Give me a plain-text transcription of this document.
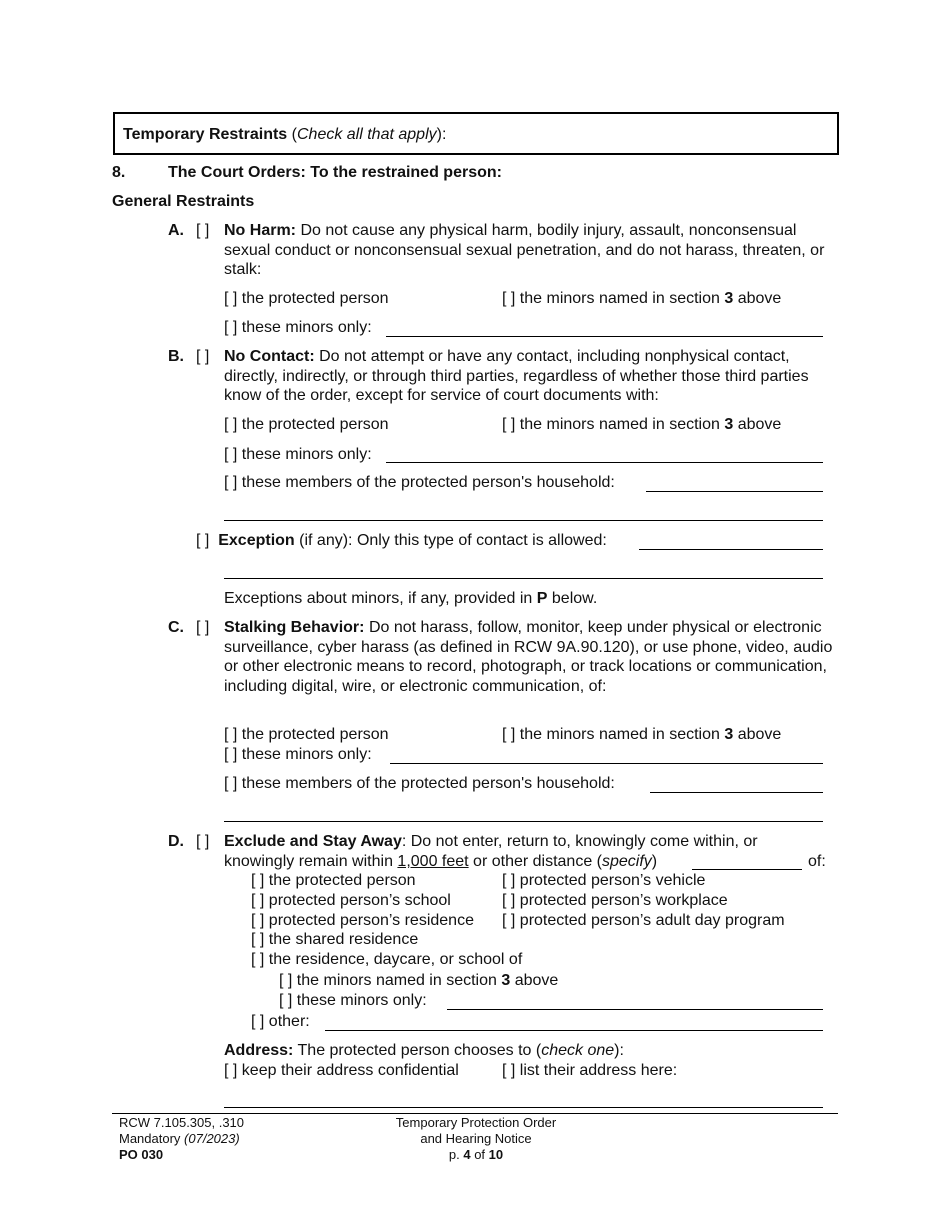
Temporary Restraints (Check all that apply):
8.	The Court Orders: To the restrained person:
General Restraints
A. [ ] No Harm: Do not cause any physical harm, bodily injury, assault, nonconsensual sexual conduct or nonconsensual sexual penetration, and do not harass, threaten, or stalk:
[ ] the protected person	[ ] the minors named in section 3 above
[ ] these minors only:
B. [ ] No Contact: Do not attempt or have any contact, including nonphysical contact, directly, indirectly, or through third parties, regardless of whether those third parties know of the order, except for service of court documents with:
[ ] the protected person	[ ] the minors named in section 3 above
[ ] these minors only:
[ ] these members of the protected person's household:
[ ] Exception (if any): Only this type of contact is allowed:
Exceptions about minors, if any, provided in P below.
C. [ ] Stalking Behavior: Do not harass, follow, monitor, keep under physical or electronic surveillance, cyber harass (as defined in RCW 9A.90.120), or use phone, video, audio or other electronic means to record, photograph, or track locations or communication, including digital, wire, or electronic communication, of:
[ ] the protected person	[ ] the minors named in section 3 above
[ ] these minors only:
[ ] these members of the protected person's household:
D. [ ] Exclude and Stay Away: Do not enter, return to, knowingly come within, or
knowingly remain within 1,000 feet or other distance (specify)	of:
[ ] the protected person	[ ] protected person’s vehicle
[ ] protected person’s school	[ ] protected person’s workplace
[ ] protected person’s residence [ ] protected person’s adult day program
[ ] the shared residence
[ ] the residence, daycare, or school of
[ ] the minors named in section 3 above
[ ] these minors only:
[ ] other:
Address: The protected person chooses to (check one):
[ ] keep their address confidential	[ ] list their address here:
RCW 7.105.305, .310
Mandatory (07/2023)
PO 030
Temporary Protection Order
and Hearing Notice
p. 4 of 10
